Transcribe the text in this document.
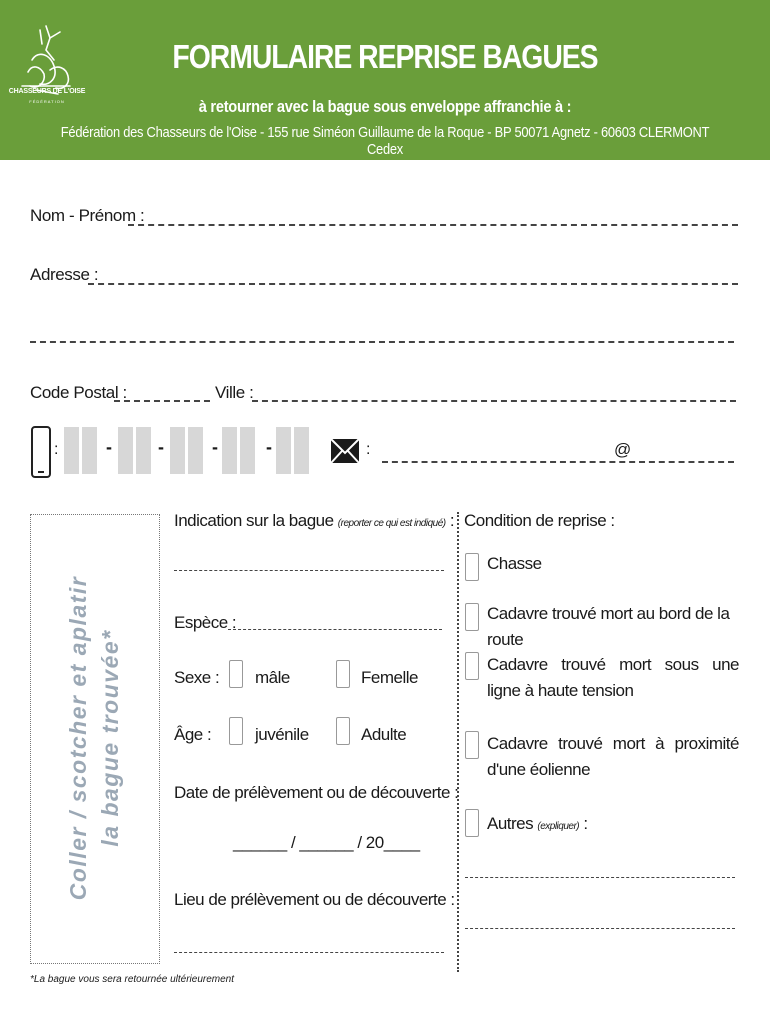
CHASSEURS DE L'OISE
FÉDÉRATION
FORMULAIRE REPRISE BAGUES
à retourner avec la bague sous enveloppe affranchie à :
Fédération des Chasseurs de l'Oise - 155 rue Siméon Guillaume de la Roque - BP 50071 Agnetz - 60603 CLERMONT Cedex
Nom - Prénom :
Adresse :
Code Postal :	Ville :
:	-	-	-	-	:	@
Coller / scotcher et aplatir la bague trouvée*
Indication sur la bague (reporter ce qui est indiqué) :
Espèce :
Sexe : mâle	Femelle
Âge :	juvénile	Adulte
Date de prélèvement ou de découverte :
______ / ______ / 20____
Lieu de prélèvement ou de découverte :
Condition de reprise :
Chasse
Cadavre trouvé mort au bord de la route
Cadavre trouvé mort sous une ligne à haute tension
Cadavre trouvé mort à proximité d'une éolienne
Autres (expliquer) :
*La bague vous sera retournée ultérieurement
